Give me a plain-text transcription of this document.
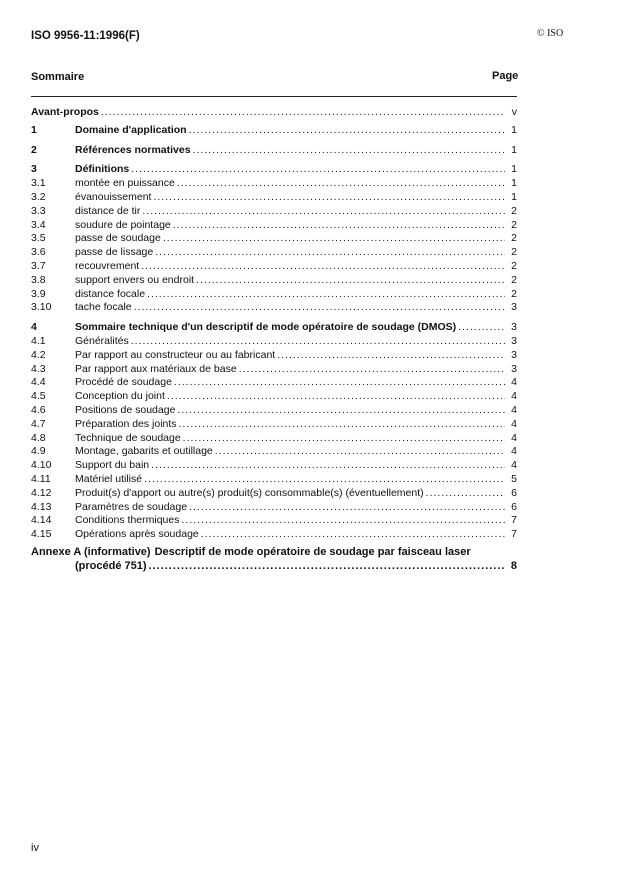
ISO 9956-11:1996(F)	© ISO
Sommaire	Page
Avant-propos .....	v
1	Domaine d'application .....	1
2	Références normatives .....	1
3	Définitions .....	1
3.1	montée en puissance .....	1
3.2	évanouissement .....	1
3.3	distance de tir .....	2
3.4	soudure de pointage .....	2
3.5	passe de soudage .....	2
3.6	passe de lissage .....	2
3.7	recouvrement .....	2
3.8	support envers ou endroit .....	2
3.9	distance focale .....	2
3.10	tache focale .....	3
4	Sommaire technique d'un descriptif de mode opératoire de soudage (DMOS) .....	3
4.1	Généralités .....	3
4.2	Par rapport au constructeur ou au fabricant .....	3
4.3	Par rapport aux matériaux de base .....	3
4.4	Procédé de soudage .....	4
4.5	Conception du joint .....	4
4.6	Positions de soudage .....	4
4.7	Préparation des joints .....	4
4.8	Technique de soudage .....	4
4.9	Montage, gabarits et outillage .....	4
4.10	Support du bain .....	4
4.11	Matériel utilisé .....	5
4.12	Produit(s) d'apport ou autre(s) produit(s) consommable(s) (éventuellement) .....	6
4.13	Paramètres de soudage .....	6
4.14	Conditions thermiques .....	7
4.15	Opérations après soudage .....	7
Annexe A (informative) Descriptif de mode opératoire de soudage par faisceau laser
(procédé 751) .....	8
iv
